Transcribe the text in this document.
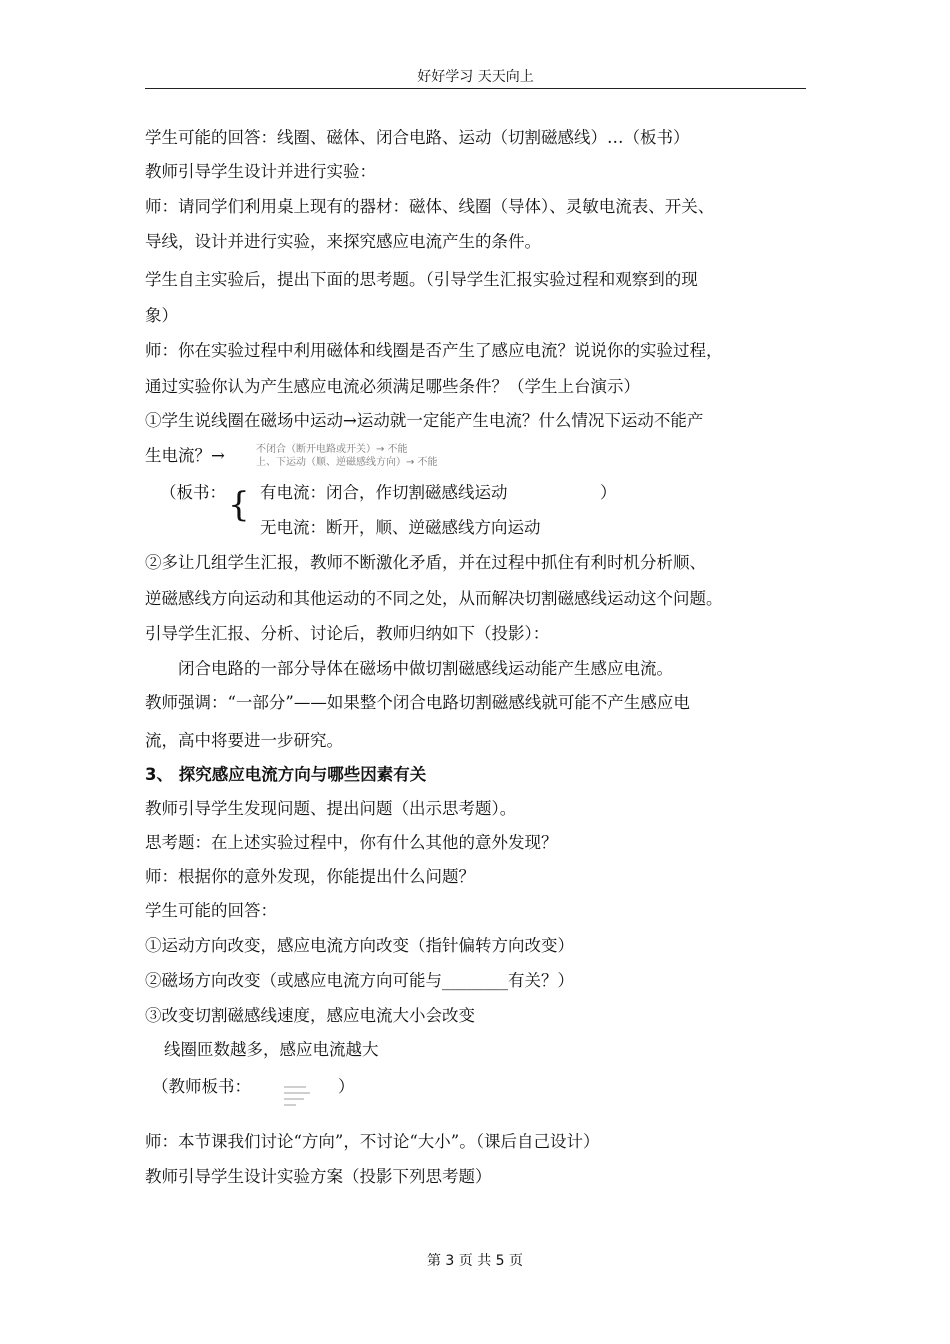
好好学习 天天向上
学生可能的回答：线圈、磁体、闭合电路、运动（切割磁感线）…（板书）
教师引导学生设计并进行实验：
师：请同学们利用桌上现有的器材：磁体、线圈（导体）、灵敏电流表、开关、
导线，设计并进行实验，来探究感应电流产生的条件。
学生自主实验后，提出下面的思考题。（引导学生汇报实验过程和观察到的现
象）
师：你在实验过程中利用磁体和线圈是否产生了感应电流？说说你的实验过程，
通过实验你认为产生感应电流必须满足哪些条件？（学生上台演示）
①学生说线圈在磁场中运动→运动就一定能产生电流？什么情况下运动不能产
生电流？→	不闭合（断开电路或开关）→ 不能
上、下运动（顺、逆磁感线方向）→ 不能
（板书： { 有电流：闭合，作切割磁感线运动	）
无电流：断开，顺、逆磁感线方向运动
②多让几组学生汇报，教师不断激化矛盾，并在过程中抓住有利时机分析顺、
逆磁感线方向运动和其他运动的不同之处，从而解决切割磁感线运动这个问题。
引导学生汇报、分析、讨论后，教师归纳如下（投影）：
闭合电路的一部分导体在磁场中做切割磁感线运动能产生感应电流。
教师强调：“一部分”——如果整个闭合电路切割磁感线就可能不产生感应电
流，高中将要进一步研究。
3、 探究感应电流方向与哪些因素有关
教师引导学生发现问题、提出问题（出示思考题）。
思考题：在上述实验过程中，你有什么其他的意外发现？
师：根据你的意外发现，你能提出什么问题？
学生可能的回答：
①运动方向改变，感应电流方向改变（指针偏转方向改变）
②磁场方向改变（或感应电流方向可能与________有关？）
③改变切割磁感线速度，感应电流大小会改变
线圈匝数越多，感应电流越大
（教师板书：	）
师：本节课我们讨论“方向”，不讨论“大小”。（课后自己设计）
教师引导学生设计实验方案（投影下列思考题）
第 3 页 共 5 页
